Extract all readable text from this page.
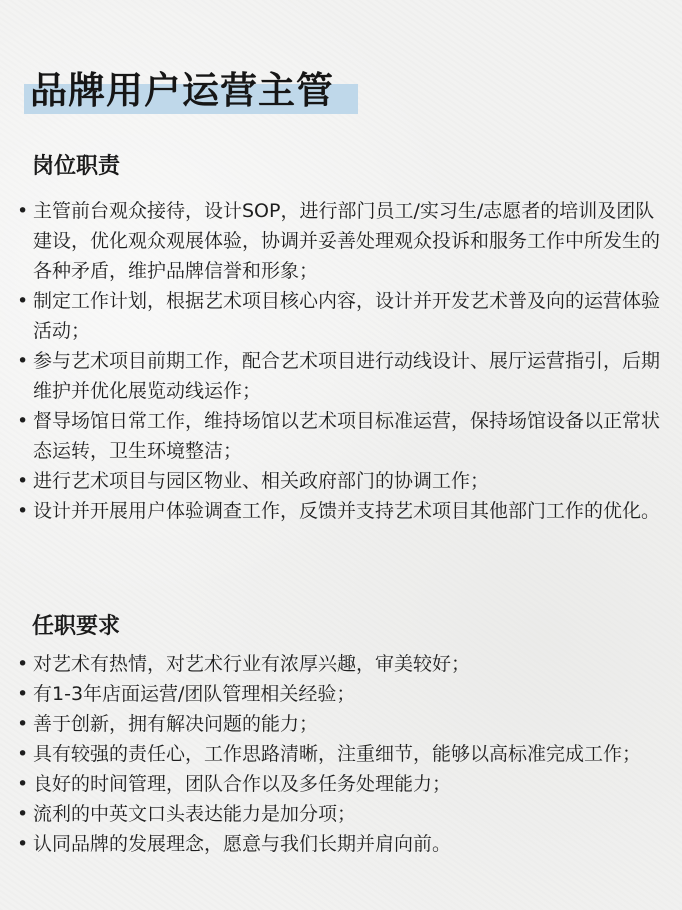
品牌用户运营主管
岗位职责
• 主管前台观众接待，设计SOP，进行部门员工/实习生/志愿者的培训及团队建设，优化观众观展体验，协调并妥善处理观众投诉和服务工作中所发生的各种矛盾，维护品牌信誉和形象；
• 制定工作计划，根据艺术项目核心内容，设计并开发艺术普及向的运营体验活动；
• 参与艺术项目前期工作，配合艺术项目进行动线设计、展厅运营指引，后期维护并优化展览动线运作；
• 督导场馆日常工作，维持场馆以艺术项目标准运营，保持场馆设备以正常状态运转，卫生环境整洁；
• 进行艺术项目与园区物业、相关政府部门的协调工作；
• 设计并开展用户体验调查工作，反馈并支持艺术项目其他部门工作的优化。
任职要求
• 对艺术有热情，对艺术行业有浓厚兴趣，审美较好；
• 有1-3年店面运营/团队管理相关经验；
• 善于创新，拥有解决问题的能力；
• 具有较强的责任心，工作思路清晰，注重细节，能够以高标准完成工作；
• 良好的时间管理，团队合作以及多任务处理能力；
• 流利的中英文口头表达能力是加分项；
• 认同品牌的发展理念，愿意与我们长期并肩向前。
